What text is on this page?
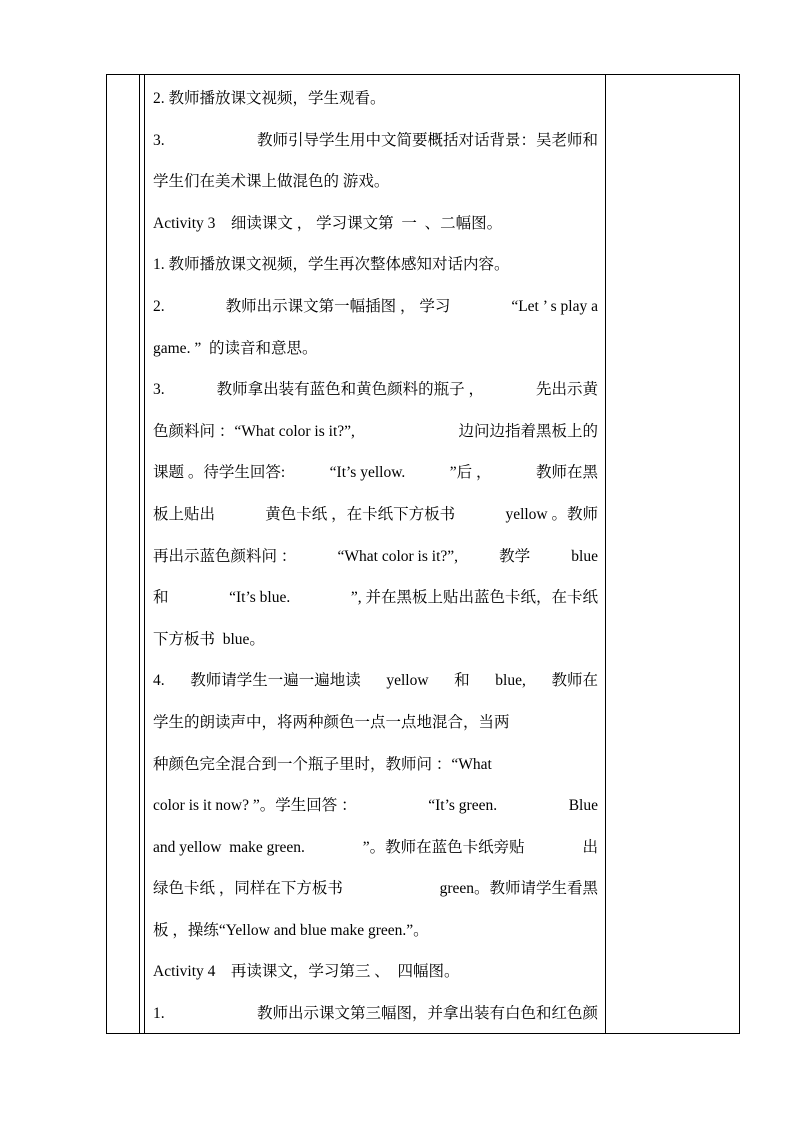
2. 教师播放课文视频，学生观看。
3.	教师引导学生用中文简要概括对话背景：吴老师和
学生们在美术课上做混色的 游戏。
Activity 3    细读课文 ， 学习课文第  一  、二幅图。
1. 教师播放课文视频，学生再次整体感知对话内容。
2.	教师出示课文第一幅插图 ， 学习	“Let ’ s play a
game. ”  的读音和意思。
3.	教师拿出装有蓝色和黄色颜料的瓶子 ，	先出示黄
色颜料问 ：“What color is it?”,	边问边指着黑板上的
课题 。待学生回答:	“It’s yellow.	”后 ，	教师在黑
板上贴出	黄色卡纸 ，在卡纸下方板书	yellow 。教师
再出示蓝色颜料问 ：	“What color is it?”,	教学	blue
和	“It’s blue.	”, 并在黑板上贴出蓝色卡纸，在卡纸
下方板书  blue。
4. 教师请学生一遍一遍地读 yellow 和 blue, 教师在
学生的朗读声中，将两种颜色一点一点地混合，当两
种颜色完全混合到一个瓶子里时，教师问 ：“What
color is it now? ”。学生回答 ：	“It’s green.	Blue
and yellow  make green.	”。教师在蓝色卡纸旁贴	出
绿色卡纸 ，同样在下方板书	green。教师请学生看黑
板 ，操练 “Yellow and blue make green. ”。
Activity 4    再读课文，学习第三 、  四幅图。
1.	教师出示课文第三幅图，并拿出装有白色和红色颜
